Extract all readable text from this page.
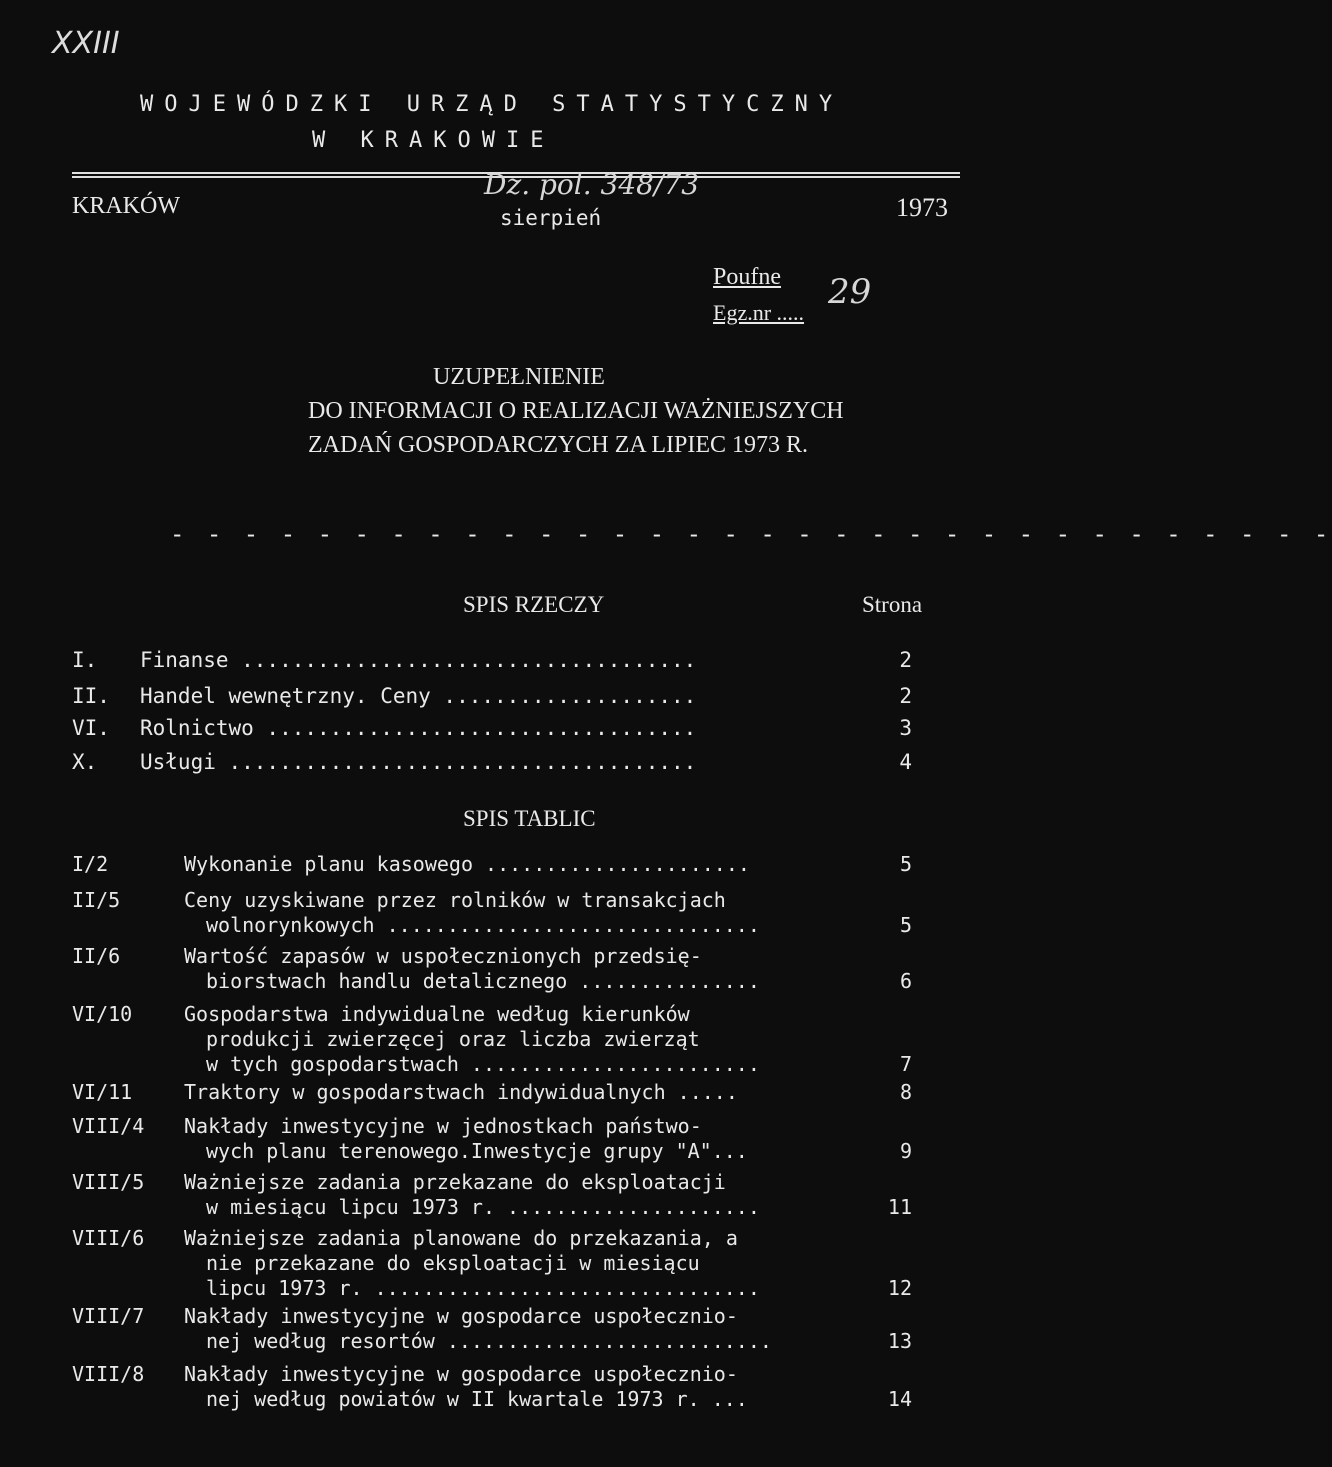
XXIII
WOJEWÓDZKI URZĄD STATYSTYCZNY
W KRAKOWIE
KRAKÓW
Dz. pol. 348/73
sierpień	1973
Poufne
Egz.nr .....
29
UZUPEŁNIENIE
DO INFORMACJI O REALIZACJI WAŻNIEJSZYCH
ZADAŃ GOSPODARCZYCH ZA LIPIEC 1973 R.
- - - - - - - - - - - - - - - - - - - - - - - - - - - - - - - -
SPIS RZECZY	Strona
I. Finanse ....................................	2
II. Handel wewnętrzny. Ceny ....................	2
VI. Rolnictwo ..................................	3
X. Usługi .....................................	4
SPIS TABLIC
I/2	Wykonanie planu kasowego ......................	5
II/5	Ceny uzyskiwane przez rolników w transakcjach
wolnorynkowych ...............................	5
II/6	Wartość zapasów w uspołecznionych przedsię-
biorstwach handlu detalicznego ...............	6
VI/10	Gospodarstwa indywidualne według kierunków
produkcji zwierzęcej oraz liczba zwierząt
w tych gospodarstwach ........................	7
VI/11	Traktory w gospodarstwach indywidualnych .....	8
VIII/4 Nakłady inwestycyjne w jednostkach państwo-
wych planu terenowego.Inwestycje grupy "A"...	9
VIII/5 Ważniejsze zadania przekazane do eksploatacji
w miesiącu lipcu 1973 r. .....................	11
VIII/6 Ważniejsze zadania planowane do przekazania, a
nie przekazane do eksploatacji w miesiącu
lipcu 1973 r. ................................	12
VIII/7 Nakłady inwestycyjne w gospodarce uspołecznio-
nej według resortów ...........................	13
VIII/8 Nakłady inwestycyjne w gospodarce uspołecznio-
nej według powiatów w II kwartale 1973 r. ...	14
